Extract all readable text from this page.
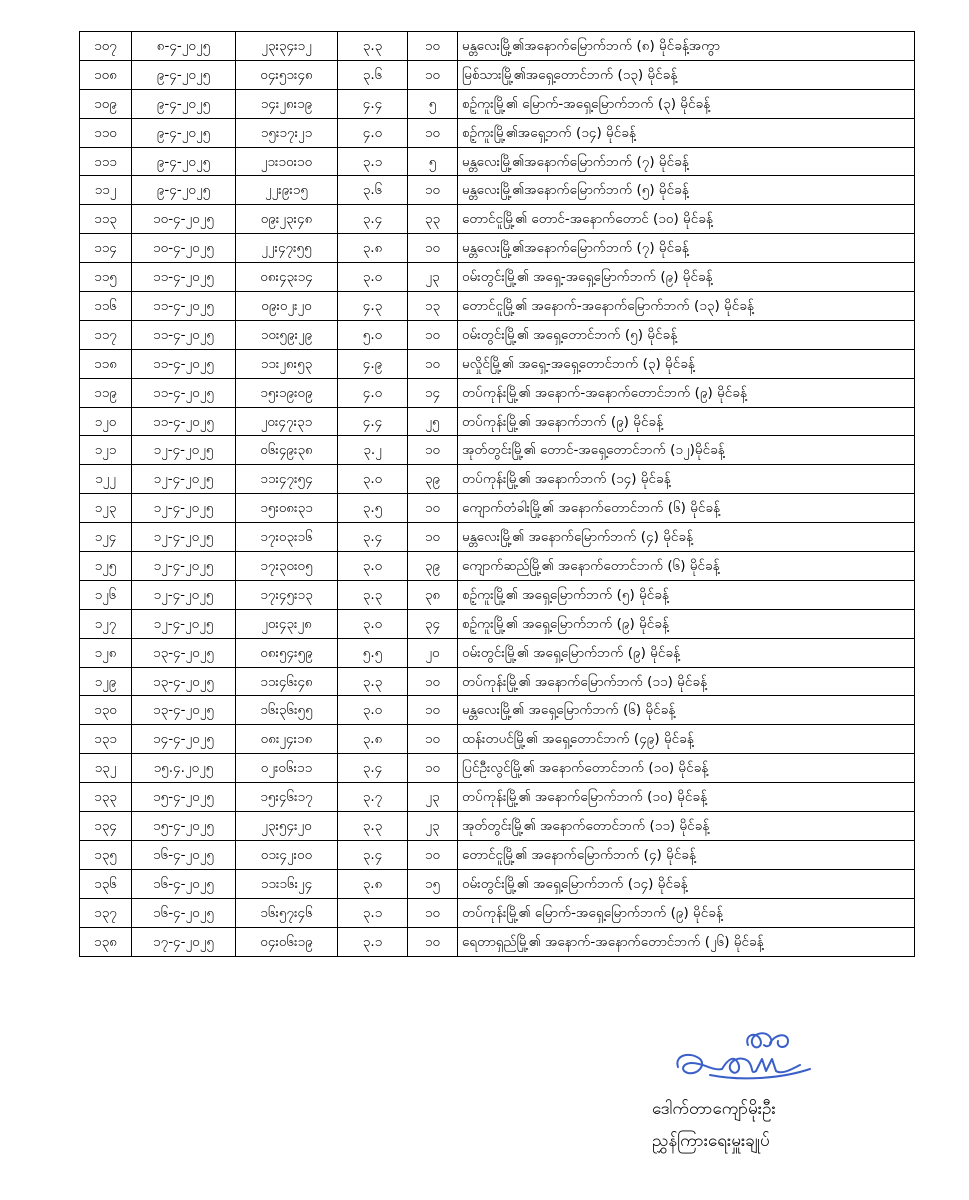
၁၀၇	၈-၄-၂၀၂၅	၂၃း၃၄း၁၂	၃.၃	၁၀	မန္တလေးမြို့၏အနောက်မြောက်ဘက် (၈) မိုင်ခန့်အကွာ
၁၀၈	၉-၄-၂၀၂၅	၀၄း၅၁း၄၈	၃.၆	၁၀	မြစ်သားမြို့၏အရှေ့တောင်ဘက် (၁၃) မိုင်ခန့်
၁၀၉	၉-၄-၂၀၂၅	၁၄း၂၈း၁၉	၄.၄	၅	စဉ့်ကူးမြို့၏ မြောက်-အရှေ့မြောက်ဘက် (၃) မိုင်ခန့်
၁၁၀	၉-၄-၂၀၂၅	၁၅း၁၇း၂၁	၄.၀	၁၀	စဉ့်ကူးမြို့၏အရှေ့ဘက် (၁၄) မိုင်ခန့်
၁၁၁	၉-၄-၂၀၂၅	၂၁း၁၀း၁၀	၃.၁	၅	မန္တလေးမြို့၏အနောက်မြောက်ဘက် (၇) မိုင်ခန့်
၁၁၂	၉-၄-၂၀၂၅	၂၂း၉း၁၅	၃.၆	၁၀	မန္တလေးမြို့၏အနောက်မြောက်ဘက် (၅) မိုင်ခန့်
၁၁၃	၁၀-၄-၂၀၂၅	၀၉း၂၃း၄၈	၃.၄	၃၃	တောင်ငူမြို့၏ တောင်-အနောက်တောင် (၁၀) မိုင်ခန့်
၁၁၄	၁၀-၄-၂၀၂၅	၂၂း၄၇း၅၅	၃.၈	၁၀	မန္တလေးမြို့၏အနောက်မြောက်ဘက် (၇) မိုင်ခန့်
၁၁၅	၁၁-၄-၂၀၂၅	၀၈း၄၃း၁၄	၃.၀	၂၃	ဝမ်းတွင်းမြို့၏ အရှေ့-အရှေ့မြောက်ဘက် (၉) မိုင်ခန့်
၁၁၆	၁၁-၄-၂၀၂၅	၀၉း၀၂း၂၀	၄.၃	၁၃	တောင်ငူမြို့၏ အနောက်-အနောက်မြောက်ဘက် (၁၃) မိုင်ခန့်
၁၁၇	၁၁-၄-၂၀၂၅	၁၀း၅၉း၂၉	၅.၀	၁၀	ဝမ်းတွင်းမြို့၏ အရှေ့တောင်ဘက် (၅) မိုင်ခန့်
၁၁၈	၁၁-၄-၂၀၂၅	၁၁း၂၈း၅၃	၄.၉	၁၀	မလှိုင်မြို့၏ အရှေ့-အရှေ့တောင်ဘက် (၃) မိုင်ခန့်
၁၁၉	၁၁-၄-၂၀၂၅	၁၅း၁၉း၀၉	၄.၀	၁၄	တပ်ကုန်းမြို့၏ အနောက်-အနောက်တောင်ဘက် (၉) မိုင်ခန့်
၁၂၀	၁၁-၄-၂၀၂၅	၂၀း၄၇း၃၁	၄.၄	၂၅	တပ်ကုန်းမြို့၏ အနောက်ဘက် (၉) မိုင်ခန့်
၁၂၁	၁၂-၄-၂၀၂၅	၀၆း၄၉း၃၈	၃.၂	၁၀	အုတ်တွင်းမြို့၏ တောင်-အရှေ့တောင်ဘက် (၁၂)မိုင်ခန့်
၁၂၂	၁၂-၄-၂၀၂၅	၁၁း၄၇း၅၄	၃.၀	၃၉	တပ်ကုန်းမြို့၏ အနောက်ဘက် (၁၄) မိုင်ခန့်
၁၂၃	၁၂-၄-၂၀၂၅	၁၅း၀၈း၃၁	၃.၅	၁၀	ကျောက်တံခါးမြို့၏ အနောက်တောင်ဘက် (၆) မိုင်ခန့်
၁၂၄	၁၂-၄-၂၀၂၅	၁၇း၀၃း၁၆	၃.၄	၁၀	မန္တလေးမြို့၏ အနောက်မြောက်ဘက် (၄) မိုင်ခန့်
၁၂၅	၁၂-၄-၂၀၂၅	၁၇း၃၀း၀၅	၃.၀	၃၉	ကျောက်ဆည်မြို့၏ အနောက်တောင်ဘက် (၆) မိုင်ခန့်
၁၂၆	၁၂-၄-၂၀၂၅	၁၇း၄၅း၁၃	၃.၃	၃၈	စဉ့်ကူးမြို့၏ အရှေ့မြောက်ဘက် (၅) မိုင်ခန့်
၁၂၇	၁၂-၄-၂၀၂၅	၂၀း၄၃း၂၈	၃.၀	၃၄	စဉ့်ကူးမြို့၏ အရှေ့မြောက်ဘက် (၉) မိုင်ခန့်
၁၂၈	၁၃-၄-၂၀၂၅	၀၈း၅၄း၅၉	၅.၅	၂၀	ဝမ်းတွင်းမြို့၏ အရှေ့မြောက်ဘက် (၉) မိုင်ခန့်
၁၂၉	၁၃-၄-၂၀၂၅	၁၁း၄၆း၄၈	၃.၃	၁၀	တပ်ကုန်းမြို့၏ အနောက်မြောက်ဘက် (၁၁) မိုင်ခန့်
၁၃၀	၁၃-၄-၂၀၂၅	၁၆း၃၆း၅၅	၃.၀	၁၀	မန္တလေးမြို့၏ အရှေ့မြောက်ဘက် (၆) မိုင်ခန့်
၁၃၁	၁၄-၄-၂၀၂၅	၀၈း၂၄း၁၈	၃.၈	၁၀	ထန်းတပင်မြို့၏ အရှေ့တောင်ဘက် (၄၉) မိုင်ခန့်
၁၃၂	၁၅.၄.၂၀၂၅	၀၂း၀၆း၁၁	၃.၄	၁၀	ပြင်ဦးလွင်မြို့၏ အနောက်တောင်ဘက် (၁၀) မိုင်ခန့်
၁၃၃	၁၅-၄-၂၀၂၅	၁၅း၄၆း၁၇	၃.၇	၂၃	တပ်ကုန်းမြို့၏ အနောက်မြောက်ဘက် (၁၀) မိုင်ခန့်
၁၃၄	၁၅-၄-၂၀၂၅	၂၃း၅၄း၂၀	၃.၃	၂၃	အုတ်တွင်းမြို့၏ အနောက်တောင်ဘက် (၁၁) မိုင်ခန့်
၁၃၅	၁၆-၄-၂၀၂၅	၀၁း၄၂း၀၀	၃.၄	၁၀	တောင်ငူမြို့၏ အနောက်မြောက်ဘက် (၄) မိုင်ခန့်
၁၃၆	၁၆-၄-၂၀၂၅	၁၁း၁၆း၂၄	၃.၈	၁၅	ဝမ်းတွင်းမြို့၏ အရှေ့မြောက်ဘက် (၁၄) မိုင်ခန့်
၁၃၇	၁၆-၄-၂၀၂၅	၁၆း၅၇း၄၆	၃.၁	၁၀	တပ်ကုန်းမြို့၏ မြောက်-အရှေ့မြောက်ဘက် (၉) မိုင်ခန့်
၁၃၈	၁၇-၄-၂၀၂၅	၀၄း၀၆း၁၉	၃.၁	၁၀	ရေတာရှည်မြို့၏ အနောက်-အနောက်တောင်ဘက် (၂၆) မိုင်ခန့်
ဒေါက်တာကျော်မိုးဦး
ညွှန်ကြားရေးမှူးချုပ်
